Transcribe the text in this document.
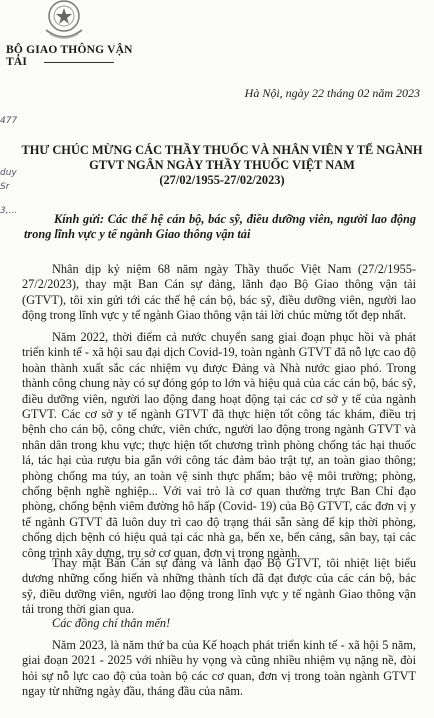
BỘ GIAO THÔNG VẬN TẢI
477
duy
Sr
3,...
Hà Nội, ngày 22 tháng 02 năm 2023
THƯ CHÚC MỪNG CÁC THẦY THUỐC VÀ NHÂN VIÊN Y TẾ NGÀNH
GTVT NGÂN NGÀY THẦY THUỐC VIỆT NAM
(27/02/1955-27/02/2023)

Kính gửi: Các thế hệ cán bộ, bác sỹ, điều dưỡng viên, người lao động trong lĩnh vực y tế ngành Giao thông vận tải

Nhân dịp kỷ niệm 68 năm ngày Thầy thuốc Việt Nam (27/2/1955-27/2/2023), thay mặt Ban Cán sự đảng, lãnh đạo Bộ Giao thông vận tải (GTVT), tôi xin gửi tới các thế hệ cán bộ, bác sỹ, điều dưỡng viên, người lao động trong lĩnh vực y tế ngành Giao thông vận tải lời chúc mừng tốt đẹp nhất.

Năm 2022, thời điểm cả nước chuyển sang giai đoạn phục hồi và phát triển kinh tế - xã hội sau đại dịch Covid-19, toàn ngành GTVT đã nỗ lực cao độ hoàn thành xuất sắc các nhiệm vụ được Đảng và Nhà nước giao phó. Trong thành công chung này có sự đóng góp to lớn và hiệu quả của các cán bộ, bác sỹ, điều dưỡng viên, người lao động đang hoạt động tại các cơ sở y tế của ngành GTVT. Các cơ sở y tế ngành GTVT đã thực hiện tốt công tác khám, điều trị bệnh cho cán bộ, công chức, viên chức, người lao động trong ngành GTVT và nhân dân trong khu vực; thực hiện tốt chương trình phòng chống tác hại thuốc lá, tác hại của rượu bia gắn với công tác đảm bảo trật tự, an toàn giao thông; phòng chống ma túy, an toàn vệ sinh thực phẩm; bảo vệ môi trường; phòng, chống bệnh nghề nghiệp... Với vai trò là cơ quan thường trực Ban Chỉ đạo phòng, chống bệnh viêm đường hô hấp (Covid- 19) của Bộ GTVT, các đơn vị y tế ngành GTVT đã luôn duy trì cao độ trạng thái sẵn sàng để kịp thời phòng, chống dịch bệnh có hiệu quả tại các nhà ga, bến xe, bến cảng, sân bay, tại các công trình xây dựng, trụ sở cơ quan, đơn vị trong ngành.

Thay mặt Ban Cán sự đảng và lãnh đạo Bộ GTVT, tôi nhiệt liệt biểu dương những cống hiến và những thành tích đã đạt được của các cán bộ, bác sỹ, điều dưỡng viên, người lao động trong lĩnh vực y tế ngành Giao thông vận tải trong thời gian qua.

Các đồng chí thân mến!

Năm 2023, là năm thứ ba của Kế hoạch phát triển kinh tế - xã hội 5 năm, giai đoạn 2021 - 2025 với nhiều hy vọng và cũng nhiều nhiệm vụ nặng nề, đòi hỏi sự nỗ lực cao độ của toàn bộ các cơ quan, đơn vị trong toàn ngành GTVT ngay từ những ngày đầu, tháng đầu của năm.
